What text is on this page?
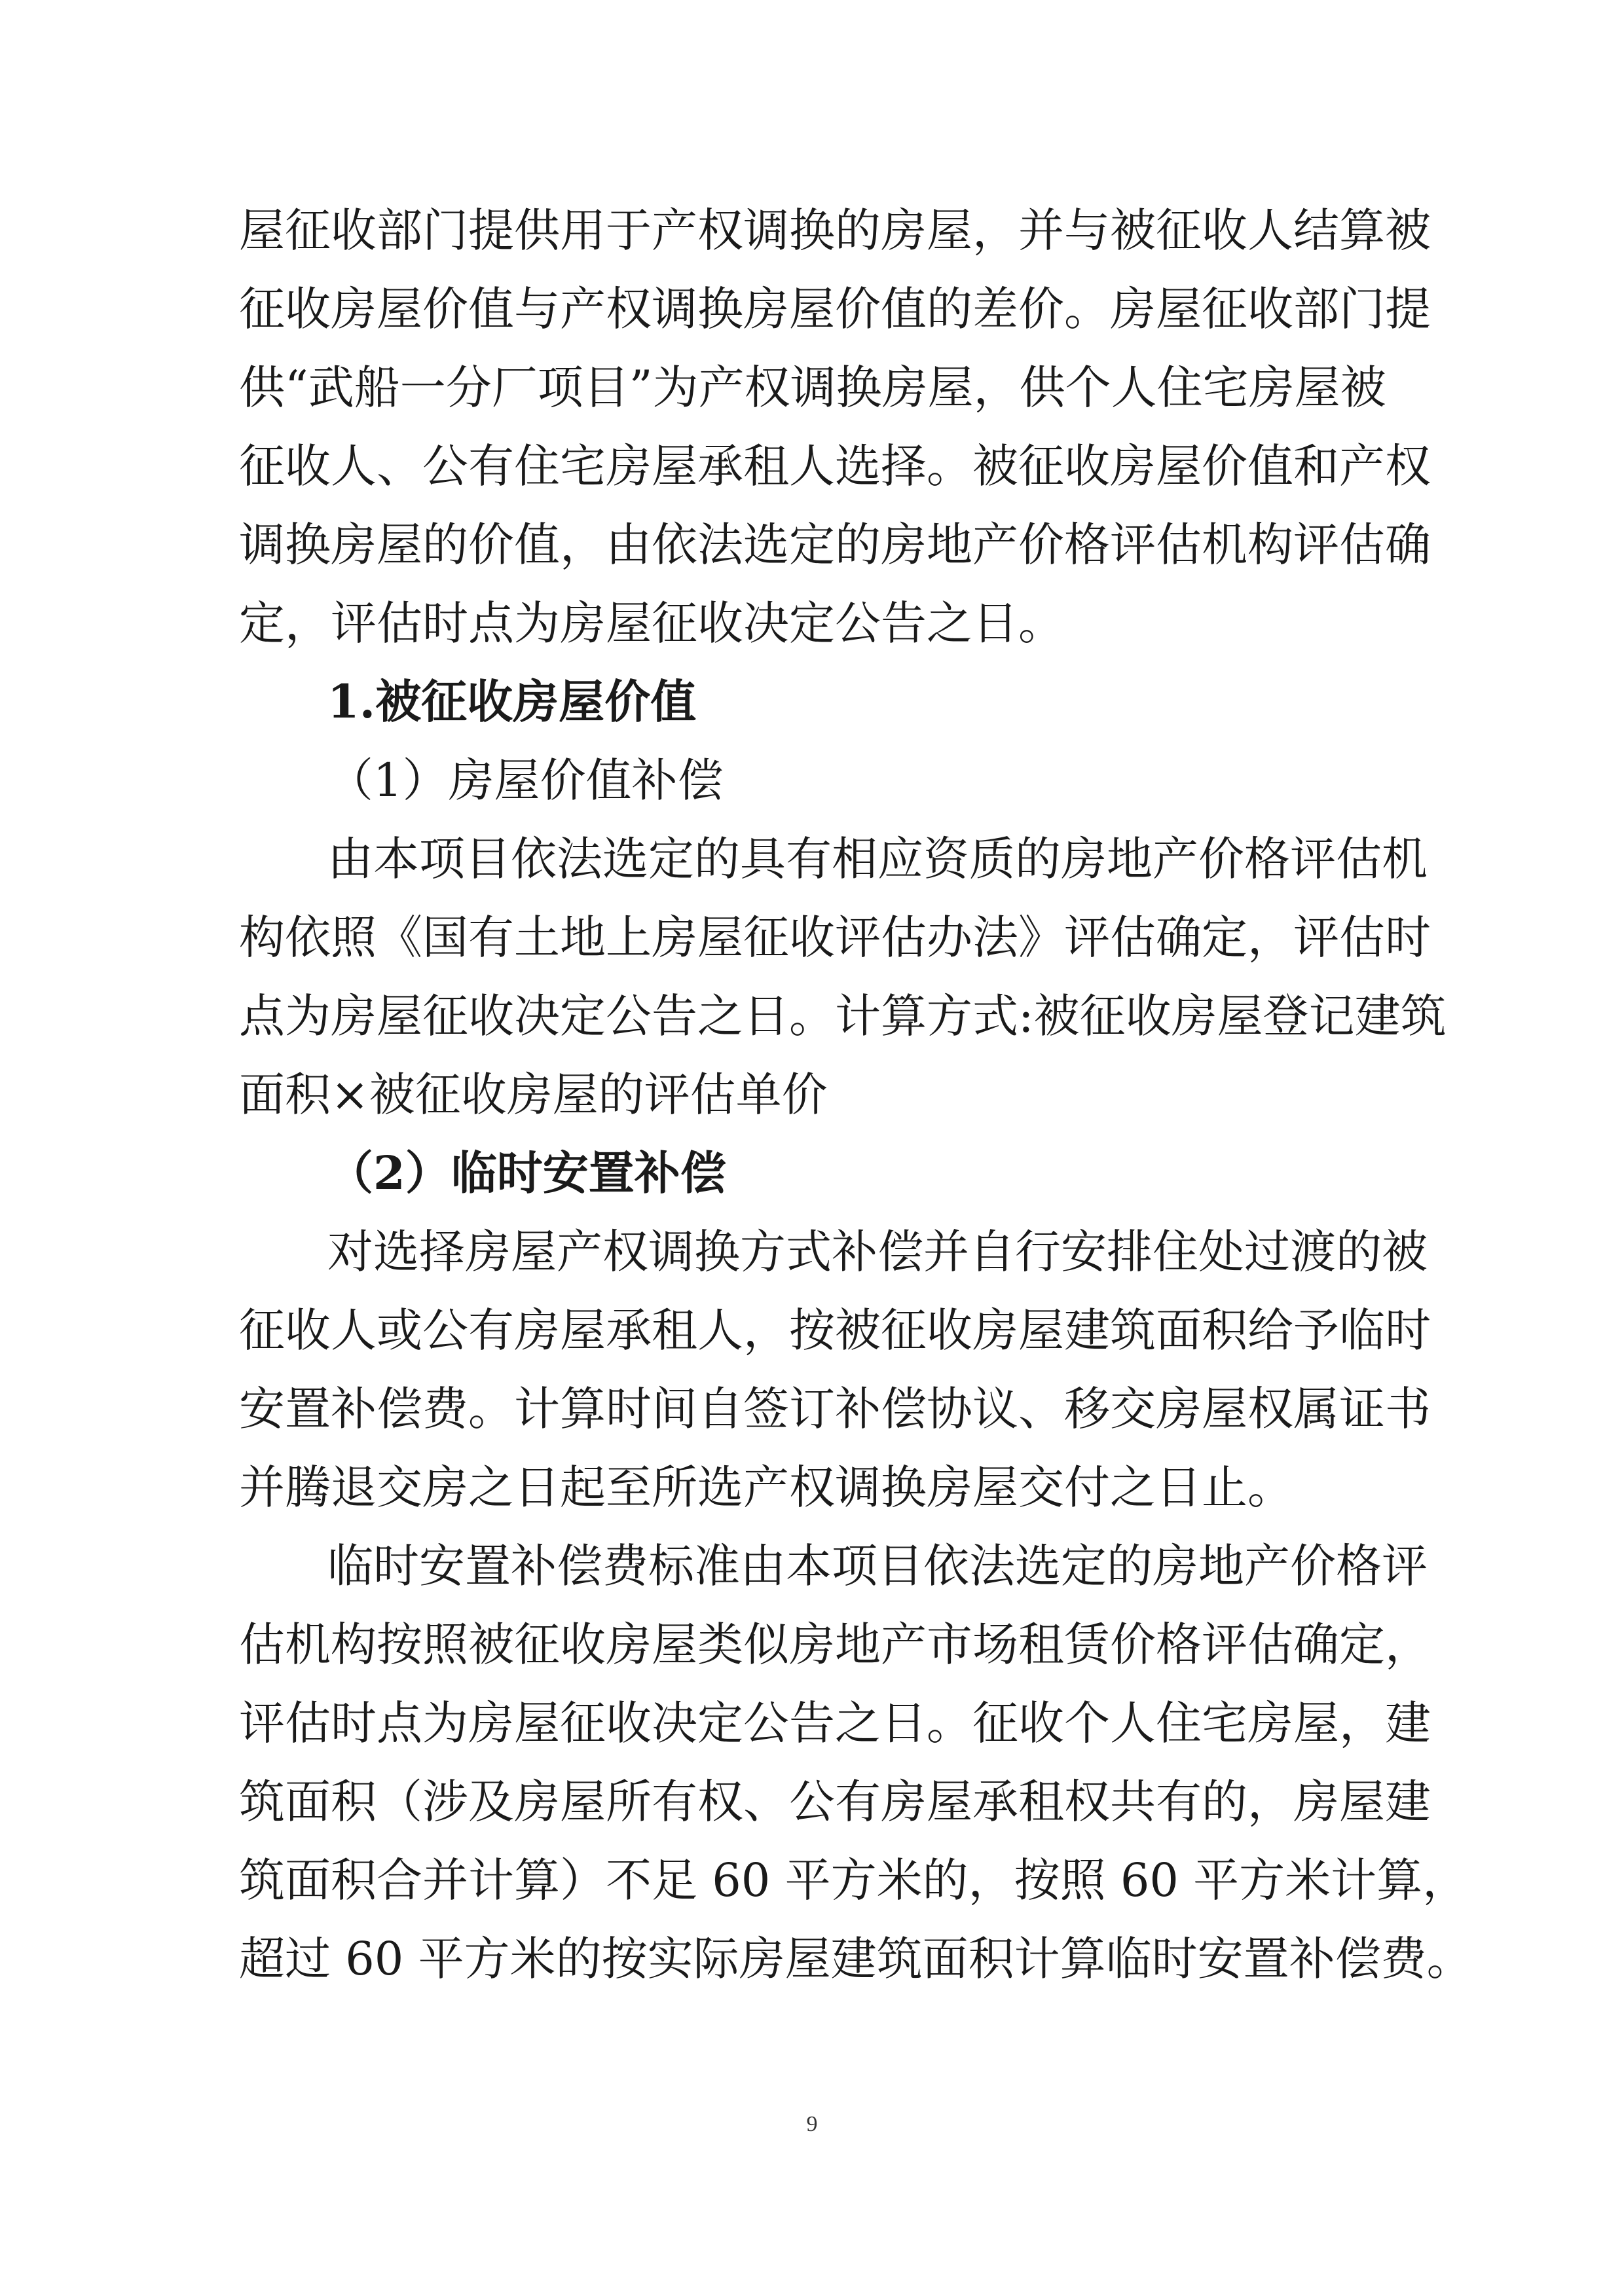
屋征收部门提供用于产权调换的房屋，并与被征收人结算被
征收房屋价值与产权调换房屋价值的差价。房屋征收部门提
供“武船一分厂项目”为产权调换房屋，供个人住宅房屋被
征收人、公有住宅房屋承租人选择。被征收房屋价值和产权
调换房屋的价值，由依法选定的房地产价格评估机构评估确
定，评估时点为房屋征收决定公告之日。
1.被征收房屋价值
（1）房屋价值补偿
由本项目依法选定的具有相应资质的房地产价格评估机
构依照《国有土地上房屋征收评估办法》评估确定，评估时
点为房屋征收决定公告之日。计算方式:被征收房屋登记建筑
面积×被征收房屋的评估单价
（2）临时安置补偿
对选择房屋产权调换方式补偿并自行安排住处过渡的被
征收人或公有房屋承租人，按被征收房屋建筑面积给予临时
安置补偿费。计算时间自签订补偿协议、移交房屋权属证书
并腾退交房之日起至所选产权调换房屋交付之日止。
临时安置补偿费标准由本项目依法选定的房地产价格评
估机构按照被征收房屋类似房地产市场租赁价格评估确定，
评估时点为房屋征收决定公告之日。征收个人住宅房屋，建
筑面积（涉及房屋所有权、公有房屋承租权共有的，房屋建
筑面积合并计算）不足 60 平方米的，按照 60 平方米计算，
超过 60 平方米的按实际房屋建筑面积计算临时安置补偿费。
9
